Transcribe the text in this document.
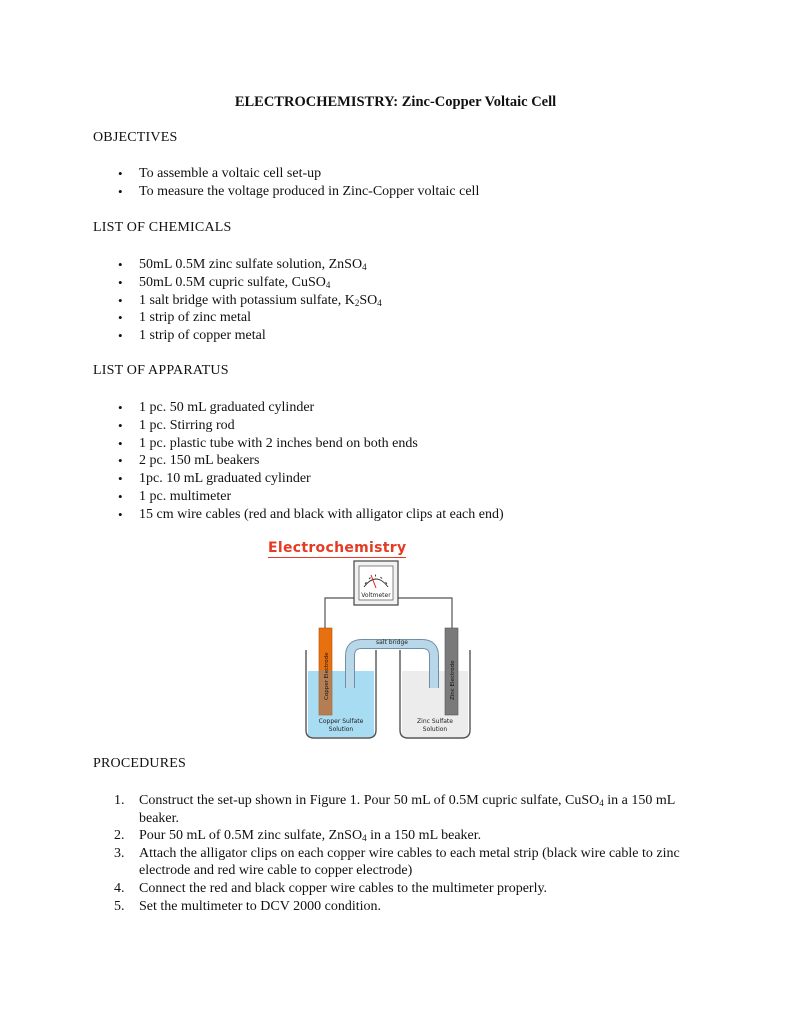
ELECTROCHEMISTRY: Zinc-Copper Voltaic Cell
OBJECTIVES
• To assemble a voltaic cell set-up
• To measure the voltage produced in Zinc-Copper voltaic cell
LIST OF CHEMICALS
• 50mL 0.5M zinc sulfate solution, ZnSO$_4$
• 50mL 0.5M cupric sulfate, CuSO$_4$
• 1 salt bridge with potassium sulfate, $K_2SO_4$
• 1 strip of zinc metal
• 1 strip of copper metal
LIST OF APPARATUS
• 1 pc. 50 mL graduated cylinder
• 1 pc. Stirring rod
• 1 pc. plastic tube with 2 inches bend on both ends
• 2 pc. 150 mL beakers
• 1pc. 10 mL graduated cylinder
• 1 pc. multimeter
• 15 cm wire cables (red and black with alligator clips at each end)
Electrochemistry
Voltmeter
salt bridge
Copper Electrode	Zinc Electrode
Copper Sulfate
Solution
Zinc Sulfate
Solution
PROCEDURES
1. Construct the set-up shown in Figure 1. Pour 50 mL of 0.5M cupric sulfate, CuSO$_4$ in a 150 mL beaker.
2. Pour 50 mL of 0.5M zinc sulfate, ZnSO$_4$ in a 150 mL beaker.
3. Attach the alligator clips on each copper wire cables to each metal strip (black wire cable to zinc electrode and red wire cable to copper electrode)
4. Connect the red and black copper wire cables to the multimeter properly.
5. Set the multimeter to DCV 2000 condition.
